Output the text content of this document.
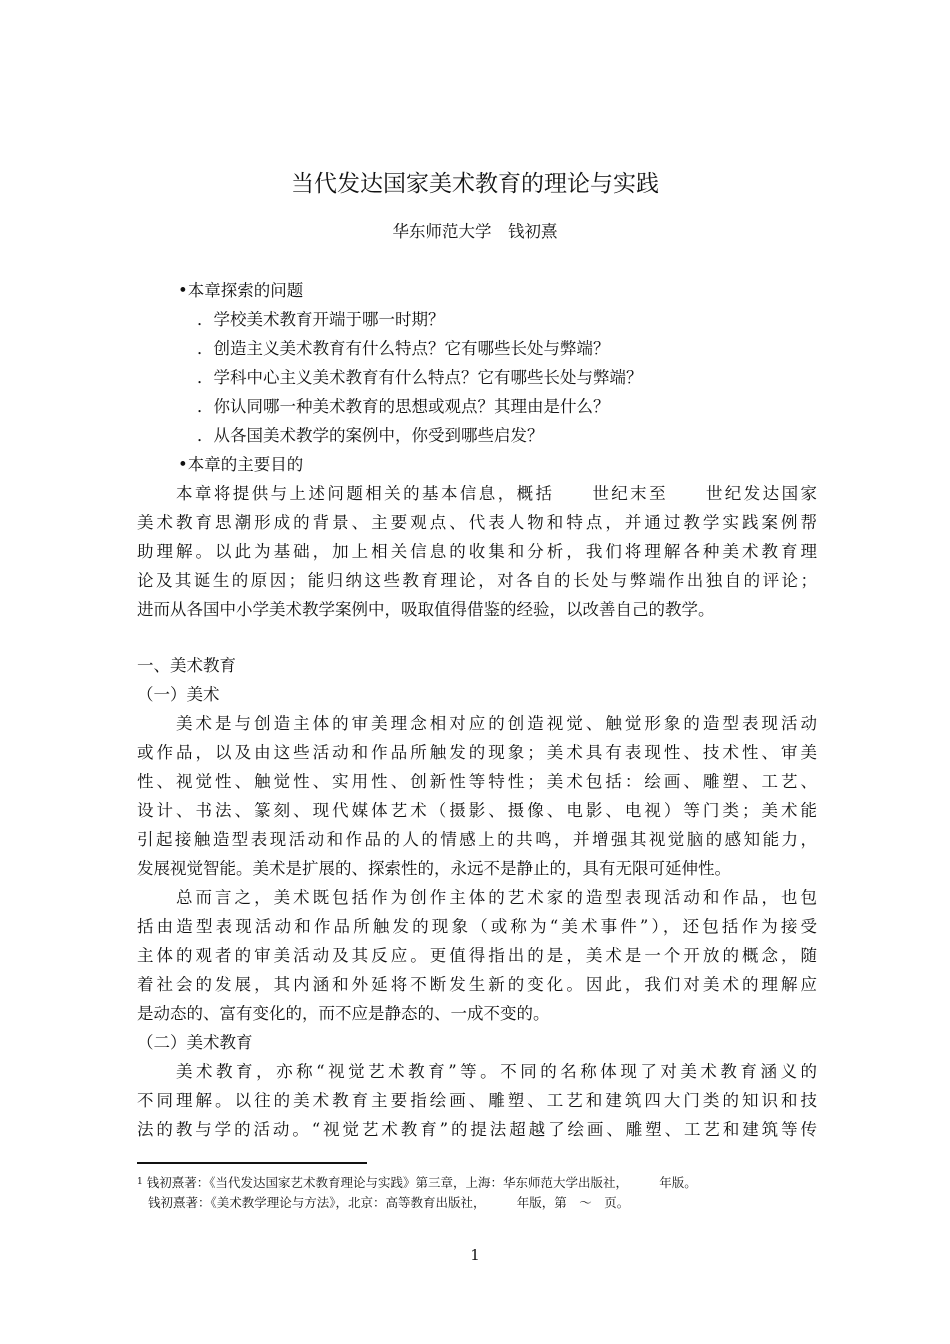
当代发达国家美术教育的理论与实践
华东师范大学　钱初熹
•本章探索的问题
．学校美术教育开端于哪一时期？
．创造主义美术教育有什么特点？它有哪些长处与弊端？
．学科中心主义美术教育有什么特点？它有哪些长处与弊端？
．你认同哪一种美术教育的思想或观点？其理由是什么？
．从各国美术教学的案例中，你受到哪些启发？
•本章的主要目的
本章将提供与上述问题相关的基本信息，概括　　世纪末至　　世纪发达国家
美术教育思潮形成的背景、主要观点、代表人物和特点，并通过教学实践案例帮
助理解。以此为基础，加上相关信息的收集和分析，我们将理解各种美术教育理
论及其诞生的原因；能归纳这些教育理论，对各自的长处与弊端作出独自的评论；
进而从各国中小学美术教学案例中，吸取值得借鉴的经验，以改善自己的教学。
一、美术教育
（一）美术
美术是与创造主体的审美理念相对应的创造视觉、触觉形象的造型表现活动
或作品，以及由这些活动和作品所触发的现象；美术具有表现性、技术性、审美
性、视觉性、触觉性、实用性、创新性等特性；美术包括：绘画、雕塑、工艺、
设计、书法、篆刻、现代媒体艺术（摄影、摄像、电影、电视）等门类；美术能
引起接触造型表现活动和作品的人的情感上的共鸣，并增强其视觉脑的感知能力，
发展视觉智能。美术是扩展的、探索性的，永远不是静止的，具有无限可延伸性。
总而言之，美术既包括作为创作主体的艺术家的造型表现活动和作品，也包
括由造型表现活动和作品所触发的现象（或称为“美术事件”），还包括作为接受
主体的观者的审美活动及其反应。更值得指出的是，美术是一个开放的概念，随
着社会的发展，其内涵和外延将不断发生新的变化。因此，我们对美术的理解应
是动态的、富有变化的，而不应是静态的、一成不变的。
（二）美术教育
美术教育，亦称“视觉艺术教育”等。不同的名称体现了对美术教育涵义的
不同理解。以往的美术教育主要指绘画、雕塑、工艺和建筑四大门类的知识和技
法的教与学的活动。“视觉艺术教育”的提法超越了绘画、雕塑、工艺和建筑等传
$^1$ 钱初熹著：《当代发达国家艺术教育理论与实践》第三章，上海：华东师范大学出版社，　　　年版。
钱初熹著：《美术教学理论与方法》，北京：高等教育出版社，　　　年版，第　～　页。
1
